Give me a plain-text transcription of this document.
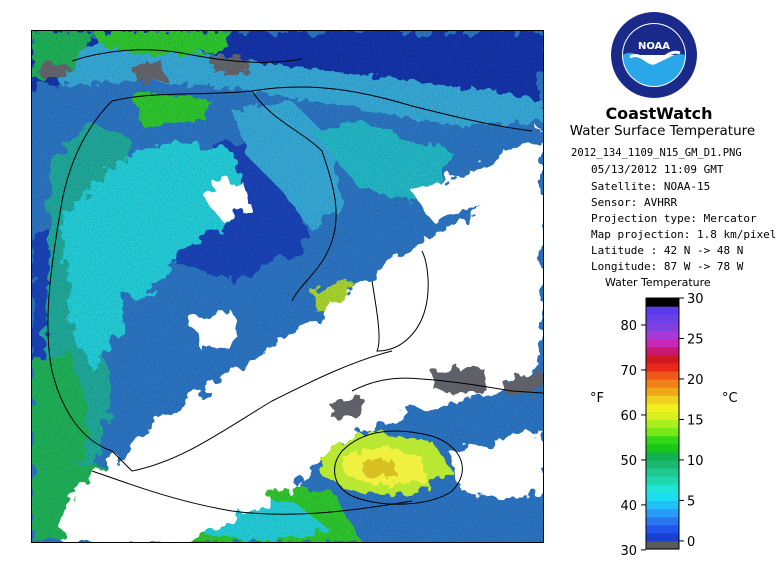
NOAA
CoastWatch
Water Surface Temperature
2012_134_1109_N15_GM_D1.PNG
05/13/2012 11:09 GMT
Satellite: NOAA-15
Sensor: AVHRR
Projection type: Mercator
Map projection: 1.8 km/pixel
Latitude : 42 N -> 48 N
Longitude: 87 W -> 78 W
Water Temperature
0
5
10
15
20
25
30
30
40
50
60
70
80
°F	°C
